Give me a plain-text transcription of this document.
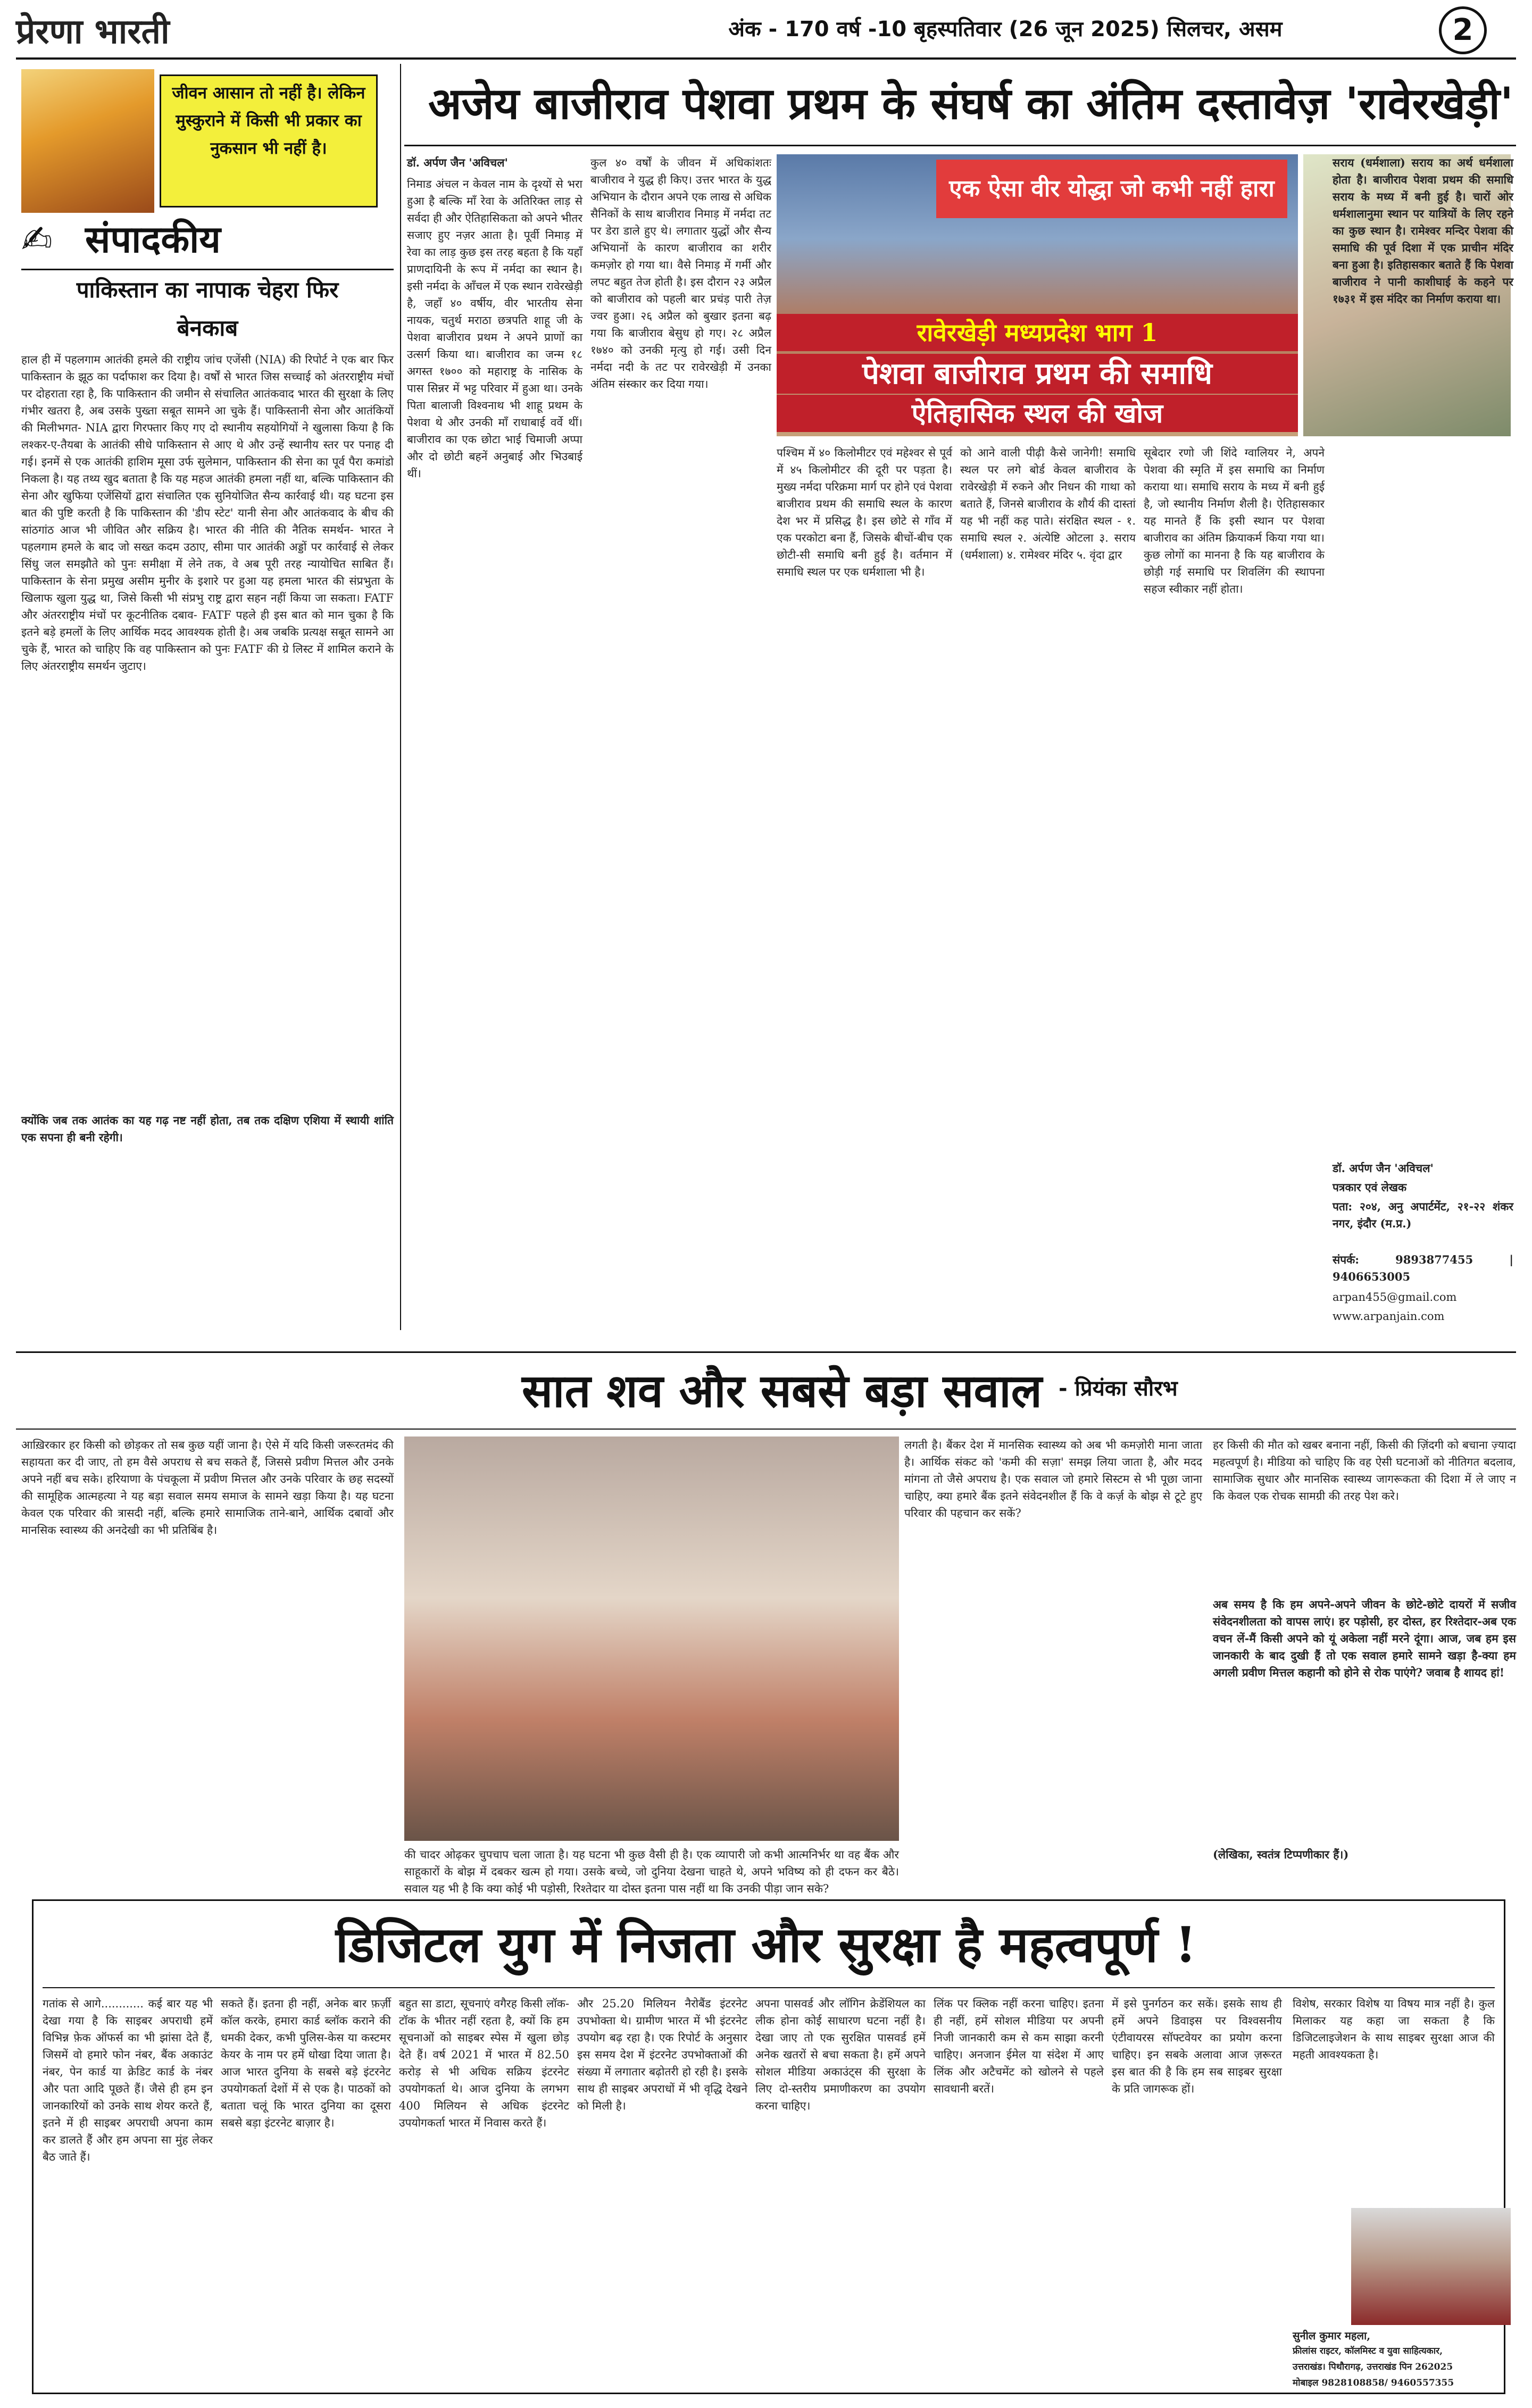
प्रेरणा भारती	अंक - 170 वर्ष -10 बृहस्पतिवार (26 जून 2025) सिलचर, असम	2
जीवन आसान तो नहीं है। लेकिन मुस्कुराने में किसी भी प्रकार का नुकसान भी नहीं है।
अजेय बाजीराव पेशवा प्रथम के संघर्ष का अंतिम दस्तावेज़ 'रावेरखेड़ी'
✍ संपादकीय
पाकिस्तान का नापाक चेहरा फिर
बेनकाब
हाल ही में पहलगाम आतंकी हमले की राष्ट्रीय जांच एजेंसी (NIA) की रिपोर्ट ने एक बार फिर पाकिस्तान के झूठ का पर्दाफाश कर दिया है। वर्षों से भारत जिस सच्चाई को अंतरराष्ट्रीय मंचों पर दोहराता रहा है, कि पाकिस्तान की जमीन से संचालित आतंकवाद भारत की सुरक्षा के लिए गंभीर खतरा है, अब उसके पुख्ता सबूत सामने आ चुके हैं। पाकिस्तानी सेना और आतंकियों की मिलीभगत- NIA द्वारा गिरफ्तार किए गए दो स्थानीय सहयोगियों ने खुलासा किया है कि लश्कर-ए-तैयबा के आतंकी सीधे पाकिस्तान से आए थे और उन्हें स्थानीय स्तर पर पनाह दी गई। इनमें से एक आतंकी हाशिम मूसा उर्फ सुलेमान, पाकिस्तान की सेना का पूर्व पैरा कमांडो निकला है। यह तथ्य खुद बताता है कि यह महज आतंकी हमला नहीं था, बल्कि पाकिस्तान की सेना और खुफिया एजेंसियों द्वारा संचालित एक सुनियोजित सैन्य कार्रवाई थी। यह घटना इस बात की पुष्टि करती है कि पाकिस्तान की 'डीप स्टेट' यानी सेना और आतंकवाद के बीच की सांठगांठ आज भी जीवित और सक्रिय है। भारत की नीति की नैतिक समर्थन- भारत ने पहलगाम हमले के बाद जो सख्त कदम उठाए, सीमा पार आतंकी अड्डों पर कार्रवाई से लेकर सिंधु जल समझौते को पुनः समीक्षा में लेने तक, वे अब पूरी तरह न्यायोचित साबित हैं। पाकिस्तान के सेना प्रमुख असीम मुनीर के इशारे पर हुआ यह हमला भारत की संप्रभुता के खिलाफ खुला युद्ध था, जिसे किसी भी संप्रभु राष्ट्र द्वारा सहन नहीं किया जा सकता। FATF और अंतरराष्ट्रीय मंचों पर कूटनीतिक दबाव- FATF पहले ही इस बात को मान चुका है कि इतने बड़े हमलों के लिए आर्थिक मदद आवश्यक होती है। अब जबकि प्रत्यक्ष सबूत सामने आ चुके हैं, भारत को चाहिए कि वह पाकिस्तान को पुनः FATF की ग्रे लिस्ट में शामिल कराने के लिए अंतरराष्ट्रीय समर्थन जुटाए।
क्योंकि जब तक आतंक का यह गढ़ नष्ट नहीं होता, तब तक दक्षिण एशिया में स्थायी शांति एक सपना ही बनी रहेगी।
डॉ. अर्पण जैन 'अविचल'
निमाड अंचल न केवल नाम के दृश्यों से भरा हुआ है बल्कि माँ रेवा के अतिरिक्त लाड़ से सर्वदा ही और ऐतिहासिकता को अपने भीतर सजाए हुए नज़र आता है। पूर्वी निमाड़ में रेवा का लाड़ कुछ इस तरह बहता है कि यहाँ प्राणदायिनी के रूप में नर्मदा का स्थान है। इसी नर्मदा के आँचल में एक स्थान रावेरखेड़ी है, जहाँ ४० वर्षीय, वीर भारतीय सेना नायक, चतुर्थ मराठा छत्रपति शाहू जी के पेशवा बाजीराव प्रथम ने अपने प्राणों का उत्सर्ग किया था। बाजीराव का जन्म १८ अगस्त १७०० को महाराष्ट्र के नासिक के पास सिन्नर में भट्ट परिवार में हुआ था। उनके पिता बालाजी विश्वनाथ भी शाहू प्रथम के पेशवा थे और उनकी माँ राधाबाई वर्वे थीं। बाजीराव का एक छोटा भाई चिमाजी अप्पा और दो छोटी बहनें अनुबाई और भिउबाई थीं।
कुल ४० वर्षों के जीवन में अधिकांशतः बाजीराव ने युद्ध ही किए। उत्तर भारत के युद्ध अभियान के दौरान अपने एक लाख से अधिक सैनिकों के साथ बाजीराव निमाड़ में नर्मदा तट पर डेरा डाले हुए थे। लगातार युद्धों और सैन्य अभियानों के कारण बाजीराव का शरीर कमज़ोर हो गया था। वैसे निमाड़ में गर्मी और लपट बहुत तेज होती है। इस दौरान २३ अप्रैल को बाजीराव को पहली बार प्रचंड़ पारी तेज़ ज्वर हुआ। २६ अप्रैल को बुखार इतना बढ़ गया कि बाजीराव बेसुध हो गए। २८ अप्रैल १७४० को उनकी मृत्यु हो गई। उसी दिन नर्मदा नदी के तट पर रावेरखेड़ी में उनका अंतिम संस्कार कर दिया गया।
एक ऐसा वीर योद्धा जो कभी नहीं हारा
रावेरखेड़ी मध्यप्रदेश भाग 1
पेशवा बाजीराव प्रथम की समाधि
ऐतिहासिक स्थल की खोज
पश्चिम में ४० किलोमीटर एवं महेश्वर से पूर्व में ४५ किलोमीटर की दूरी पर पड़ता है। मुख्य नर्मदा परिक्रमा मार्ग पर होने एवं पेशवा बाजीराव प्रथम की समाधि स्थल के कारण देश भर में प्रसिद्ध है। इस छोटे से गाँव में एक परकोटा बना हैं, जिसके बीचों-बीच एक छोटी-सी समाधि बनी हुई है। वर्तमान में समाधि स्थल पर एक धर्मशाला भी है।
को आने वाली पीढ़ी कैसे जानेगी! समाधि स्थल पर लगे बोर्ड केवल बाजीराव के रावेरखेड़ी में रुकने और निधन की गाथा को बताते हैं, जिनसे बाजीराव के शौर्य की दास्तां यह भी नहीं कह पाते। संरक्षित स्थल - १. समाधि स्थल २. अंत्येष्टि ओटला ३. सराय (धर्मशाला) ४. रामेश्वर मंदिर ५. वृंदा द्वार
सूबेदार रणो जी शिंदे ग्वालियर ने, अपने पेशवा की स्मृति में इस समाधि का निर्माण कराया था। समाधि सराय के मध्य में बनी हुई है, जो स्थानीय निर्माण शैली है। ऐतिहासकार यह मानते हैं कि इसी स्थान पर पेशवा बाजीराव का अंतिम क्रियाकर्म किया गया था। कुछ लोगों का मानना है कि यह बाजीराव के छोड़ी गई समाधि पर शिवलिंग की स्थापना सहज स्वीकार नहीं होता।
सराय (धर्मशाला) सराय का अर्थ धर्मशाला होता है। बाजीराव पेशवा प्रथम की समाधि सराय के मध्य में बनी हुई है। चारों ओर धर्मशालानुमा स्थान पर यात्रियों के लिए रहने का कुछ स्थान है। रामेश्वर मन्दिर पेशवा की समाधि की पूर्व दिशा में एक प्राचीन मंदिर बना हुआ है। इतिहासकार बताते हैं कि पेशवा बाजीराव ने पानी काशीघाई के कहने पर १७३१ में इस मंदिर का निर्माण कराया था।
डॉ. अर्पण जैन 'अविचल'
पत्रकार एवं लेखक
पता: २०४, अनु अपार्टमेंट, २१-२२ शंकर नगर, इंदौर (म.प्र.)
संपर्क: 9893877455 | 9406653005
arpan455@gmail.com
www.arpanjain.com
सात शव और सबसे बड़ा सवाल - प्रियंका सौरभ
आख़िरकार हर किसी को छोड़कर तो सब कुछ यहीं जाना है। ऐसे में यदि किसी जरूरतमंद की सहायता कर दी जाए, तो हम वैसे अपराध से बच सकते हैं, जिससे प्रवीण मित्तल और उनके अपने नहीं बच सके। हरियाणा के पंचकूला में प्रवीण मित्तल और उनके परिवार के छह सदस्यों की सामूहिक आत्महत्या ने यह बड़ा सवाल समय समाज के सामने खड़ा किया है। यह घटना केवल एक परिवार की त्रासदी नहीं, बल्कि हमारे सामाजिक ताने-बाने, आर्थिक दबावों और मानसिक स्वास्थ्य की अनदेखी का भी प्रतिबिंब है।
की चादर ओढ़कर चुपचाप चला जाता है। यह घटना भी कुछ वैसी ही है। एक व्यापारी जो कभी आत्मनिर्भर था वह बैंक और साहूकारों के बोझ में दबकर खत्म हो गया। उसके बच्चे, जो दुनिया देखना चाहते थे, अपने भविष्य को ही दफन कर बैठे। सवाल यह भी है कि क्या कोई भी पड़ोसी, रिश्तेदार या दोस्त इतना पास नहीं था कि उनकी पीड़ा जान सके?
लगती है। बैंकर देश में मानसिक स्वास्थ्य को अब भी कमज़ोरी माना जाता है। आर्थिक संकट को 'कमी की सज़ा' समझ लिया जाता है, और मदद मांगना तो जैसे अपराध है। एक सवाल जो हमारे सिस्टम से भी पूछा जाना चाहिए, क्या हमारे बैंक इतने संवेदनशील हैं कि वे कर्ज़ के बोझ से टूटे हुए परिवार की पहचान कर सकें?
हर किसी की मौत को खबर बनाना नहीं, किसी की ज़िंदगी को बचाना ज़्यादा महत्वपूर्ण है। मीडिया को चाहिए कि वह ऐसी घटनाओं को नीतिगत बदलाव, सामाजिक सुधार और मानसिक स्वास्थ्य जागरूकता की दिशा में ले जाए न कि केवल एक रोचक सामग्री की तरह पेश करे।
अब समय है कि हम अपने-अपने जीवन के छोटे-छोटे दायरों में सजीव संवेदनशीलता को वापस लाएं। हर पड़ोसी, हर दोस्त, हर रिश्तेदार-अब एक वचन लें-मैं किसी अपने को यूं अकेला नहीं मरने दूंगा। आज, जब हम इस जानकारी के बाद दुखी हैं तो एक सवाल हमारे सामने खड़ा है-क्या हम अगली प्रवीण मित्तल कहानी को होने से रोक पाएंगे? जवाब है शायद हां!
(लेखिका, स्वतंत्र टिप्पणीकार हैं।)
डिजिटल युग में निजता और सुरक्षा है महत्वपूर्ण !
गतांक से आगे............ कई बार यह भी देखा गया है कि साइबर अपराधी हमें विभिन्न फ़ेक ऑफर्स का भी झांसा देते हैं, जिसमें वो हमारे फोन नंबर, बैंक अकाउंट नंबर, पेन कार्ड या क्रेडिट कार्ड के नंबर और पता आदि पूछते हैं। जैसे ही हम इन जानकारियों को उनके साथ शेयर करते हैं, इतने में ही साइबर अपराधी अपना काम कर डालते हैं और हम अपना सा मुंह लेकर बैठ जाते हैं।
सकते हैं। इतना ही नहीं, अनेक बार फ़र्ज़ी कॉल करके, हमारा कार्ड ब्लॉक कराने की धमकी देकर, कभी पुलिस-केस या कस्टमर केयर के नाम पर हमें धोखा दिया जाता है। आज भारत दुनिया के सबसे बड़े इंटरनेट उपयोगकर्ता देशों में से एक है। पाठकों को बताता चलूं कि भारत दुनिया का दूसरा सबसे बड़ा इंटरनेट बाज़ार है।
बहुत सा डाटा, सूचनाएं वगैरह किसी लॉक-टॉक के भीतर नहीं रहता है, क्यों कि हम सूचनाओं को साइबर स्पेस में खुला छोड़ देते हैं। वर्ष 2021 में भारत में 82.50 करोड़ से भी अधिक सक्रिय इंटरनेट उपयोगकर्ता थे। आज दुनिया के लगभग 400 मिलियन से अधिक इंटरनेट उपयोगकर्ता भारत में निवास करते हैं।
और 25.20 मिलियन नैरोबैंड इंटरनेट उपभोक्ता थे। ग्रामीण भारत में भी इंटरनेट उपयोग बढ़ रहा है। एक रिपोर्ट के अनुसार इस समय देश में इंटरनेट उपभोक्ताओं की संख्या में लगातार बढ़ोतरी हो रही है। इसके साथ ही साइबर अपराधों में भी वृद्धि देखने को मिली है।
अपना पासवर्ड और लॉगिन क्रेडेंशियल का लीक होना कोई साधारण घटना नहीं है। देखा जाए तो एक सुरक्षित पासवर्ड हमें अनेक खतरों से बचा सकता है। हमें अपने सोशल मीडिया अकाउंट्स की सुरक्षा के लिए दो-स्तरीय प्रमाणीकरण का उपयोग करना चाहिए।
लिंक पर क्लिक नहीं करना चाहिए। इतना ही नहीं, हमें सोशल मीडिया पर अपनी निजी जानकारी कम से कम साझा करनी चाहिए। अनजान ईमेल या संदेश में आए लिंक और अटैचमेंट को खोलने से पहले सावधानी बरतें।
में इसे पुनर्गठन कर सकें। इसके साथ ही हमें अपने डिवाइस पर विश्वसनीय एंटीवायरस सॉफ्टवेयर का प्रयोग करना चाहिए। इन सबके अलावा आज ज़रूरत इस बात की है कि हम सब साइबर सुरक्षा के प्रति जागरूक हों।
विशेष, सरकार विशेष या विषय मात्र नहीं है। कुल मिलाकर यह कहा जा सकता है कि डिजिटलाइजेशन के साथ साइबर सुरक्षा आज की महती आवश्यकता है।
सुनील कुमार महला,
फ्रीलांस राइटर, कॉलमिस्ट व युवा साहित्यकार,
उत्तराखंड। पिथौरागढ़, उत्तराखंड पिन 262025
मोबाइल 9828108858/ 9460557355
